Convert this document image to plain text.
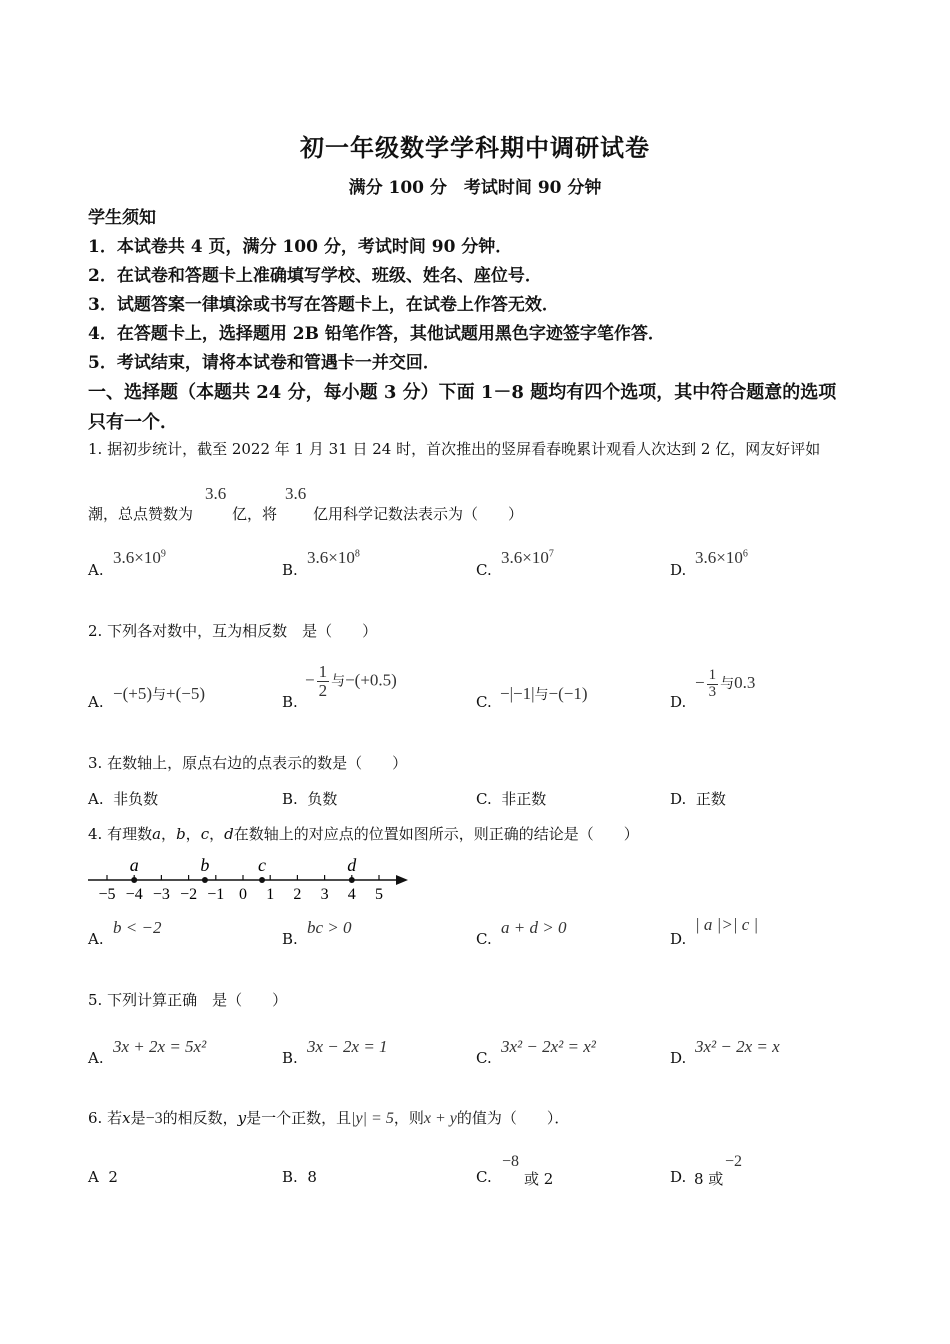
初一年级数学学科期中调研试卷
满分 100 分　考试时间 90 分钟
学生须知
1．本试卷共 4 页，满分 100 分，考试时间 90 分钟．
2．在试卷和答题卡上准确填写学校、班级、姓名、座位号．
3．试题答案一律填涂或书写在答题卡上，在试卷上作答无效．
4．在答题卡上，选择题用 2B 铅笔作答，其他试题用黑色字迹签字笔作答．
5．考试结束，请将本试卷和管遇卡一并交回．
一、选择题（本题共 24 分，每小题 3 分）下面 1－8 题均有四个选项，其中符合题意的选项
只有一个．
1. 据初步统计，截至 2022 年 1 月 31 日 24 时，首次推出的竖屏看春晚累计观看人次达到 2 亿，网友好评如
潮，总点赞数为
3.6
亿，将
3.6
亿用科学记数法表示为（　　）
A.
$3.6\times 10^9$
B.
$3.6\times 10^8$
C.
$3.6\times 10^7$
D.
$3.6\times 10^6$
2. 下列各对数中，互为相反数　是（　　）
A. −(+5)与+(−5)	B.
− $\frac{1}{2}$ 与−(+0.5)
C. −|−1|与−(−1)	D.
− $\frac{1}{3}$ 与0.3
3. 在数轴上，原点右边的点表示的数是（　　）
A. 非负数	B. 负数	C. 非正数	D. 正数
4. 有理数a，b，c，d在数轴上的对应点的位置如图所示，则正确的结论是（　　）
−5 −4 −3 −2 −1 0 1 2 3 4 5
a	b	c	d
A.
b < −2
B.
bc > 0
C.
a + d > 0
D.
| a |>| c |
5. 下列计算正确　是（　　）
A.
3x + 2x = 5x²
B.
3x − 2x = 1
C.
3x² − 2x² = x²
D.
3x² − 2x = x
6. 若x是−3的相反数，y是一个正数，且|y| = 5，则x + y的值为（　　）．
A 2	B. 8	C.
−8
或 2	D. 8 或
−2
